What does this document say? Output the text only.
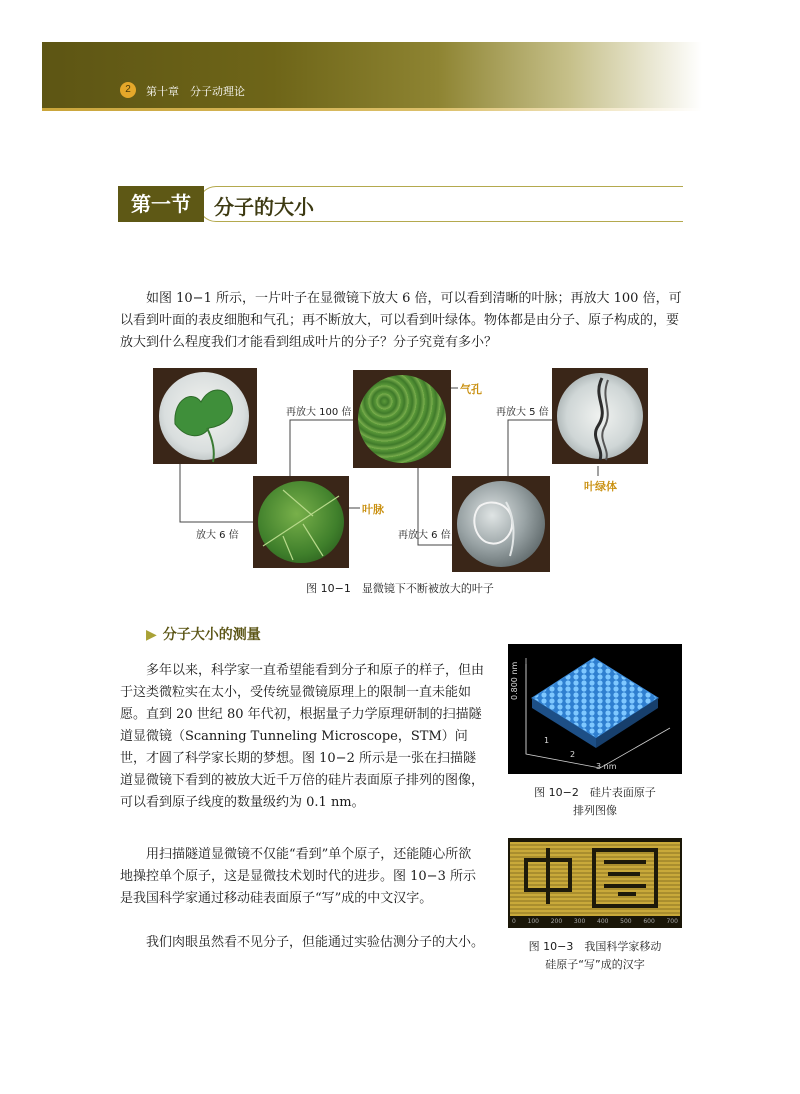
2	第十章　分子动理论
第一节	分子的大小

如图 10−1 所示，一片叶子在显微镜下放大 6 倍，可以看到清晰的叶脉；再放大 100 倍，可以看到叶面的表皮细胞和气孔；再不断放大，可以看到叶绿体。物体都是由分子、原子构成的，要放大到什么程度我们才能看到组成叶片的分子？分子究竟有多小？

放大 6 倍
再放大 100 倍
再放大 6 倍
再放大 5 倍
气孔
叶脉
叶绿体
图 10−1　显微镜下不断被放大的叶子
▶ 分子大小的测量

多年以来，科学家一直希望能看到分子和原子的样子，但由于这类微粒实在太小，受传统显微镜原理上的限制一直未能如愿。直到 20 世纪 80 年代初，根据量子力学原理研制的扫描隧道显微镜（Scanning Tunneling Microscope，STM）问世，才圆了科学家长期的梦想。图 10−2 所示是一张在扫描隧道显微镜下看到的被放大近千万倍的硅片表面原子排列的图像，可以看到原子线度的数量级约为 0.1 nm。

用扫描隧道显微镜不仅能“看到”单个原子，还能随心所欲地操控单个原子，这是显微技术划时代的进步。图 10−3 所示是我国科学家通过移动硅表面原子“写”成的中文汉字。

我们肉眼虽然看不见分子，但能通过实验估测分子的大小。

0.800 nm
1
2
3 nm
图 10−2　硅片表面原子
排列图像
0 100 200 300 400 500 600 700
图 10−3　我国科学家移动
硅原子“写”成的汉字
